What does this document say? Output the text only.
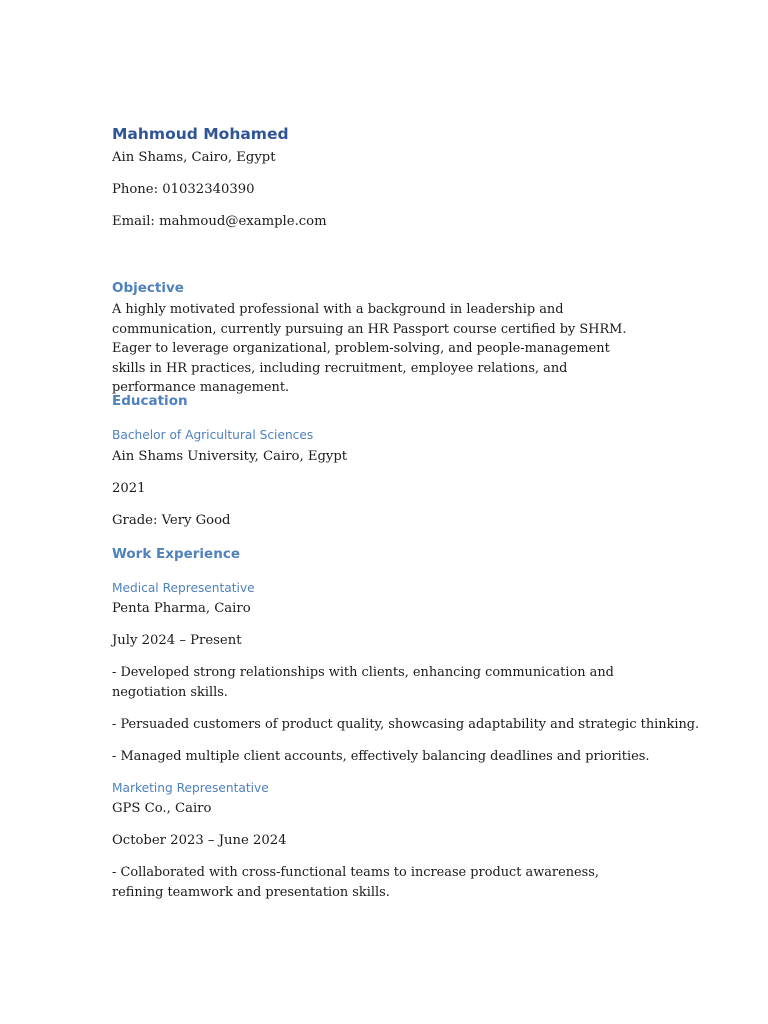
Mahmoud Mohamed

Ain Shams, Cairo, Egypt

Phone: 01032340390

Email: mahmoud@example.com

Objective

A highly motivated professional with a background in leadership and communication, currently pursuing an HR Passport course certified by SHRM. Eager to leverage organizational, problem-solving, and people-management skills in HR practices, including recruitment, employee relations, and performance management.

Education

Bachelor of Agricultural Sciences

Ain Shams University, Cairo, Egypt

2021

Grade: Very Good

Work Experience

Medical Representative

Penta Pharma, Cairo

July 2024 – Present

- Developed strong relationships with clients, enhancing communication and negotiation skills.

- Persuaded customers of product quality, showcasing adaptability and strategic thinking.

- Managed multiple client accounts, effectively balancing deadlines and priorities.

Marketing Representative

GPS Co., Cairo

October 2023 – June 2024

- Collaborated with cross-functional teams to increase product awareness, refining teamwork and presentation skills.
